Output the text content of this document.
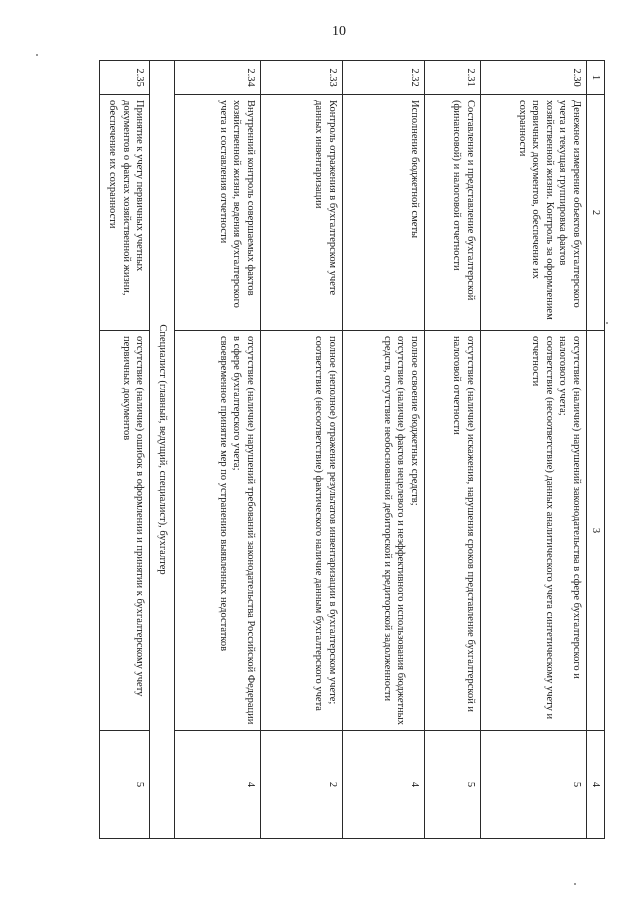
10
1	2	3	4
2.30	Денежное измерение объектов бухгалтерского учета и текущая группировка фактов хозяйственной жизни. Контроль за оформлением первичных документов, обеспечение их сохранности	отсутствие (наличие) нарушений законодательства в сфере бухгалтерского и налогового учета;
соответствие (несоответствие) данных аналитического учета синтетическому учету и отчетности	5
2.31	Составление и представление бухгалтерской (финансовой) и налоговой отчетности	отсутствие (наличие) искажения, нарушения сроков представление бухгалтерской и налоговой отчетности	5
2.32	Исполнение бюджетной сметы	полное освоение бюджетных средств;
отсутствие (наличие) фактов нецелевого и неэффективного использования бюджетных средств, отсутствие необоснованной дебиторской и кредиторской задолженности	4
2.33	Контроль отражения в бухгалтерском учете данных инвентаризации	полное (неполное) отражение результатов инвентаризации в бухгалтерском учете;
соответствие (несоответствие) фактического наличие данным бухгалтерского учета	2
2.34	Внутренний контроль совершаемых фактов хозяйственной жизни, ведения бухгалтерского учета и составления отчетности	отсутствие (наличие) нарушений требований законодательства Российской Федерации в сфере бухгалтерского учета;
своевременное принятие мер по устранению выявленных недостатков	4
Специалист (главный, ведущий, специалист), бухгалтер			
2.35	Принятие к учету первичных учетных документов о фактах хозяйственной жизни, обеспечение их сохранности	отсутствие (наличие) ошибок в оформлении и принятии к бухгалтерскому учету первичных документов	5
